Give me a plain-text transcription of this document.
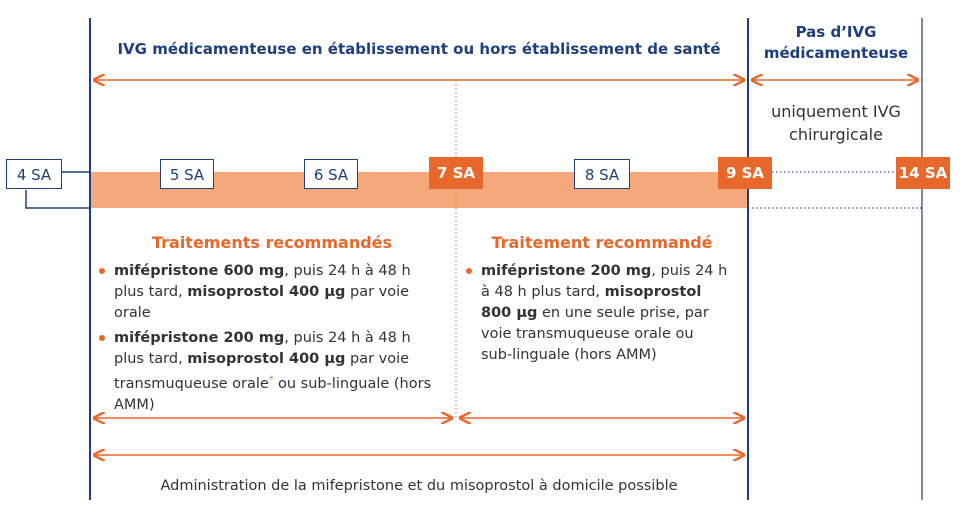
IVG médicamenteuse en établissement ou hors établissement de santé
Pas d’IVG
médicamenteuse
uniquement IVG
chirurgicale
4 SA	5 SA	6 SA	7 SA	8 SA	9 SA	14 SA
Traitements recommandés
mifépristone 600 mg, puis 24 h à 48 h plus tard, misoprostol 400 µg par voie orale
mifépristone 200 mg, puis 24 h à 48 h plus tard, misoprostol 400 µg par voie transmuqueuse orale* ou sub-linguale (hors AMM)
Traitement recommandé
mifépristone 200 mg, puis 24 h à 48 h plus tard, misoprostol 800 µg en une seule prise, par voie transmuqueuse orale ou sub-linguale (hors AMM)
Administration de la mifepristone et du misoprostol à domicile possible
